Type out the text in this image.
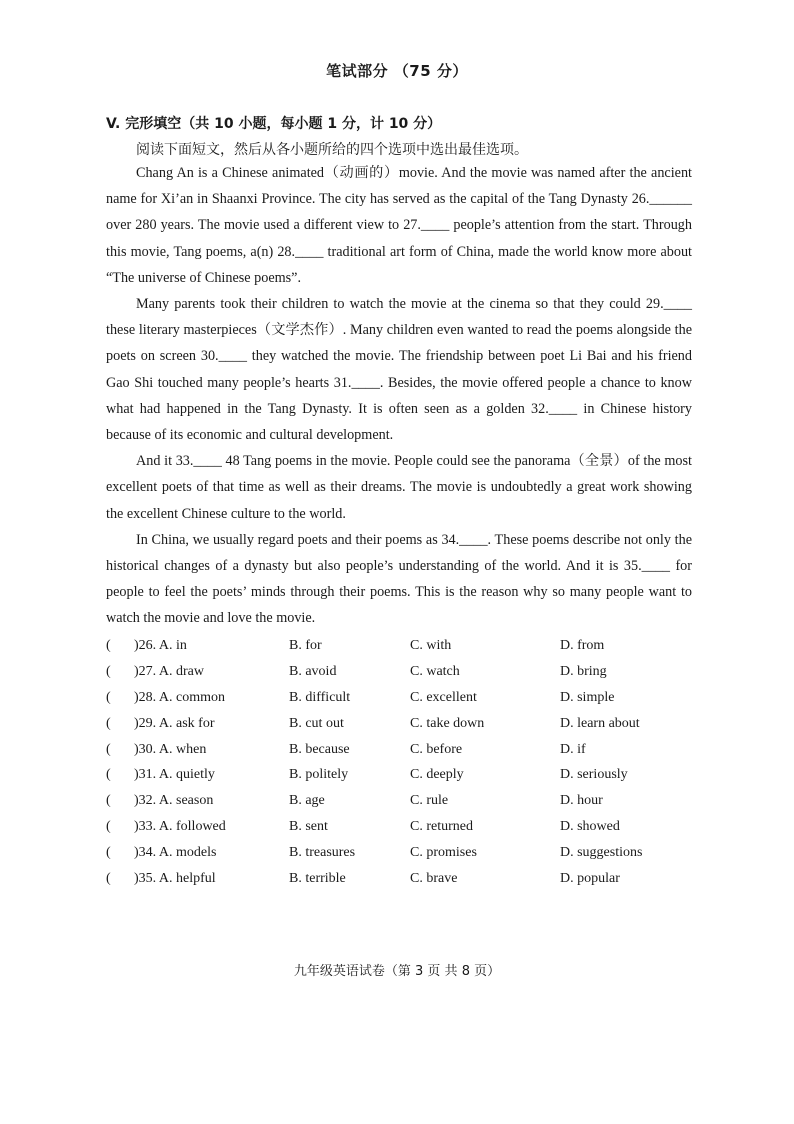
笔试部分 （75 分）
V. 完形填空（共 10 小题，每小题 1 分，计 10 分）
阅读下面短文，然后从各小题所给的四个选项中选出最佳选项。

Chang An is a Chinese animated（动画的）movie. And the movie was named after the ancient name for Xi’an in Shaanxi Province. The city has served as the capital of the Tang Dynasty 26.______ over 280 years. The movie used a different view to 27.____ people’s attention from the start. Through this movie, Tang poems, a(n) 28.____ traditional art form of China, made the world know more about “The universe of Chinese poems”.

Many parents took their children to watch the movie at the cinema so that they could 29.____ these literary masterpieces（文学杰作）. Many children even wanted to read the poems alongside the poets on screen 30.____ they watched the movie. The friendship between poet Li Bai and his friend Gao Shi touched many people’s hearts 31.____. Besides, the movie offered people a chance to know what had happened in the Tang Dynasty. It is often seen as a golden 32.____ in Chinese history because of its economic and cultural development.

And it 33.____ 48 Tang poems in the movie. People could see the panorama（全景）of the most excellent poets of that time as well as their dreams. The movie is undoubtedly a great work showing the excellent Chinese culture to the world.

In China, we usually regard poets and their poems as 34.____. These poems describe not only the historical changes of a dynasty but also people’s understanding of the world. And it is 35.____ for people to feel the poets’ minds through their poems. This is the reason why so many people want to watch the movie and love the movie.

( )26. A. in	B. for	C. with	D. from
( )27. A. draw	B. avoid	C. watch	D. bring
( )28. A. common	B. difficult	C. excellent	D. simple
( )29. A. ask for	B. cut out	C. take down	D. learn about
( )30. A. when	B. because	C. before	D. if
( )31. A. quietly	B. politely	C. deeply	D. seriously
( )32. A. season	B. age	C. rule	D. hour
( )33. A. followed	B. sent	C. returned	D. showed
( )34. A. models	B. treasures	C. promises	D. suggestions
( )35. A. helpful	B. terrible	C. brave	D. popular
九年级英语试卷（第 3 页 共 8 页）
